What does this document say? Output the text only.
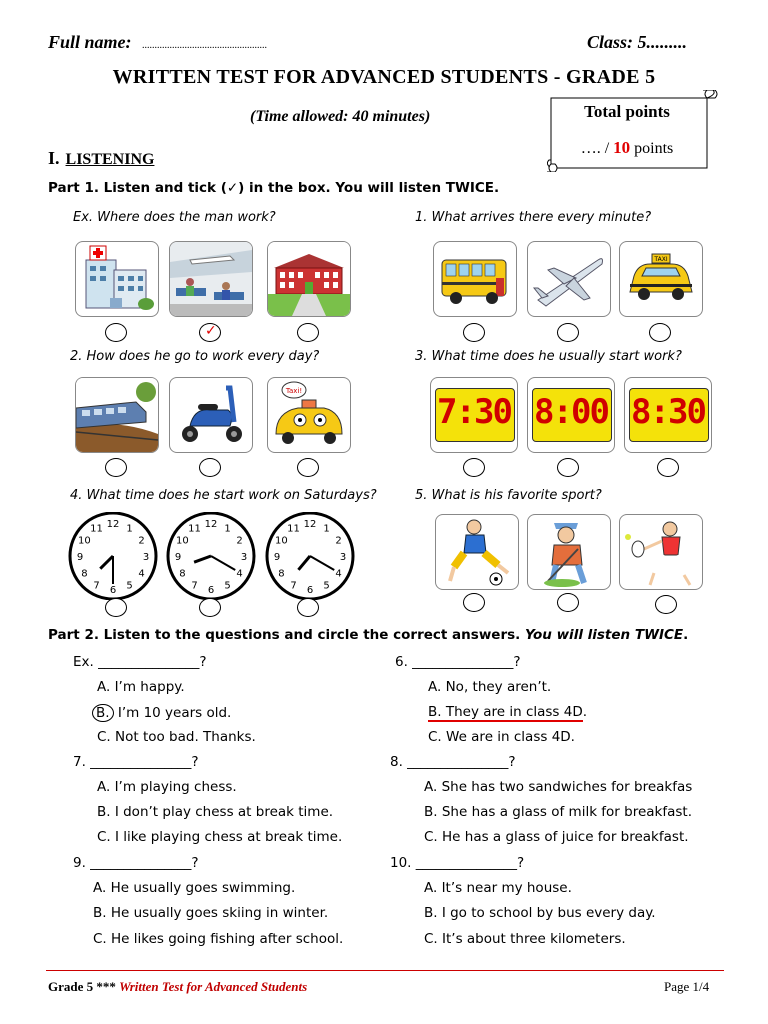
Full name: ..................................................	Class: 5.........
WRITTEN TEST FOR ADVANCED STUDENTS - GRADE 5
(Time allowed: 40 minutes)	Total points
…. / 10 points
I. LISTENING
Part 1. Listen and tick (✓) in the box. You will listen TWICE.
Ex. Where does the man work?	1. What arrives there every minute?
TAXI
✓
2. How does he go to work every day?	3. What time does he usually start work?
Taxi!
7:30 8:00 8:30
4. What time does he start work on Saturdays?	5. What is his favorite sport?
12 1
2
3
4
5
6
7
8
9
10
11	12 1
2
3
4
5
6
7
8
9
10
11	12 1
2
3
4
5
6
7
8
9
10
11
Part 2. Listen to the questions and circle the correct answers. You will listen TWICE.
Ex. _______________?
A. I’m happy.
B. I’m 10 years old.
C. Not too bad. Thanks.
7. _______________?
A. I’m playing chess.
B. I don’t play chess at break time.
C. I like playing chess at break time.
9. _______________?
A. He usually goes swimming.
B. He usually goes skiing in winter.
C. He likes going fishing after school.
6. _______________?
A. No, they aren’t.
B. They are in class 4D.
C. We are in class 4D.
8. _______________?
A. She has two sandwiches for breakfas
B. She has a glass of milk for breakfast.
C. He has a glass of juice for breakfast.
10. _______________?
A. It’s near my house.
B. I go to school by bus every day.
C. It’s about three kilometers.
Grade 5 *** Written Test for Advanced Students	Page 1/4
